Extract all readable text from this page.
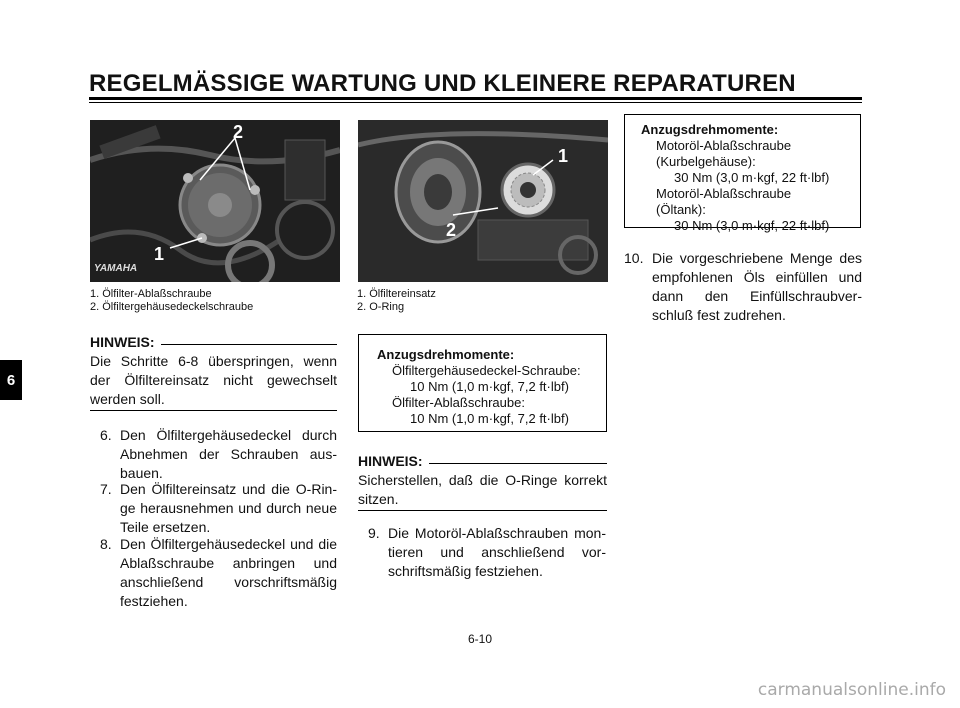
REGELMÄSSIGE WARTUNG UND KLEINERE REPARATUREN
6
2
1
YAMAHA
1. Ölfilter-Ablaßschraube
2. Ölfiltergehäusedeckelschraube
1
2
1. Ölfiltereinsatz
2. O-Ring
HINWEIS:
Die Schritte 6-8 überspringen, wenn der Ölfiltereinsatz nicht gewechselt werden soll.
6. Den Ölfiltergehäusedeckel durch Abnehmen der Schrauben aus- bauen.
7. Den Ölfiltereinsatz und die O-Rin- ge herausnehmen und durch neue Teile ersetzen.
8. Den Ölfiltergehäusedeckel und die Ablaßschraube anbringen und anschließend vorschriftsmäßig festziehen.
Anzugsdrehmomente:
Ölfiltergehäusedeckel-Schraube:
10 Nm (1,0 m·kgf, 7,2 ft·lbf)
Ölfilter-Ablaßschraube:
10 Nm (1,0 m·kgf, 7,2 ft·lbf)
HINWEIS:
Sicherstellen, daß die O-Ringe korrekt sitzen.
9. Die Motoröl-Ablaßschrauben mon- tieren und anschließend vor- schriftsmäßig festziehen.
Anzugsdrehmomente:
Motoröl-Ablaßschraube
(Kurbelgehäuse):
30 Nm (3,0 m·kgf, 22 ft·lbf)
Motoröl-Ablaßschraube
(Öltank):
30 Nm (3,0 m·kgf, 22 ft·lbf)
10. Die vorgeschriebene Menge des empfohlenen Öls einfüllen und dann den Einfüllschraubver- schluß fest zudrehen.
6-10
carmanualsonline.info
